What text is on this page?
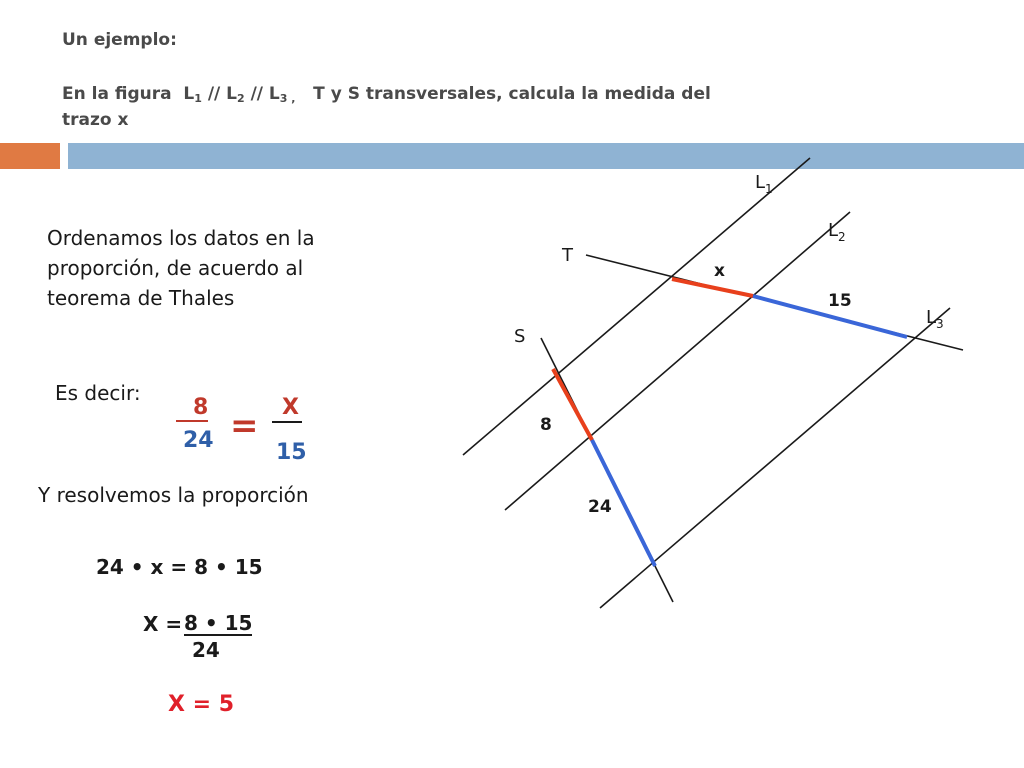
Un ejemplo:
En la figura  $L_1 // L_2 // L_{3 ,}$   T y S transversales, calcula la medida del
trazo x
Ordenamos los datos en la proporción, de acuerdo al teorema de Thales
Es decir:
8
24 = X
15
Y resolvemos la proporción
24 • x = 8 • 15
X = 8 • 15
24
X = 5
$L_1$
$L_2$
$L_3$
T
S
x
15
8
24
